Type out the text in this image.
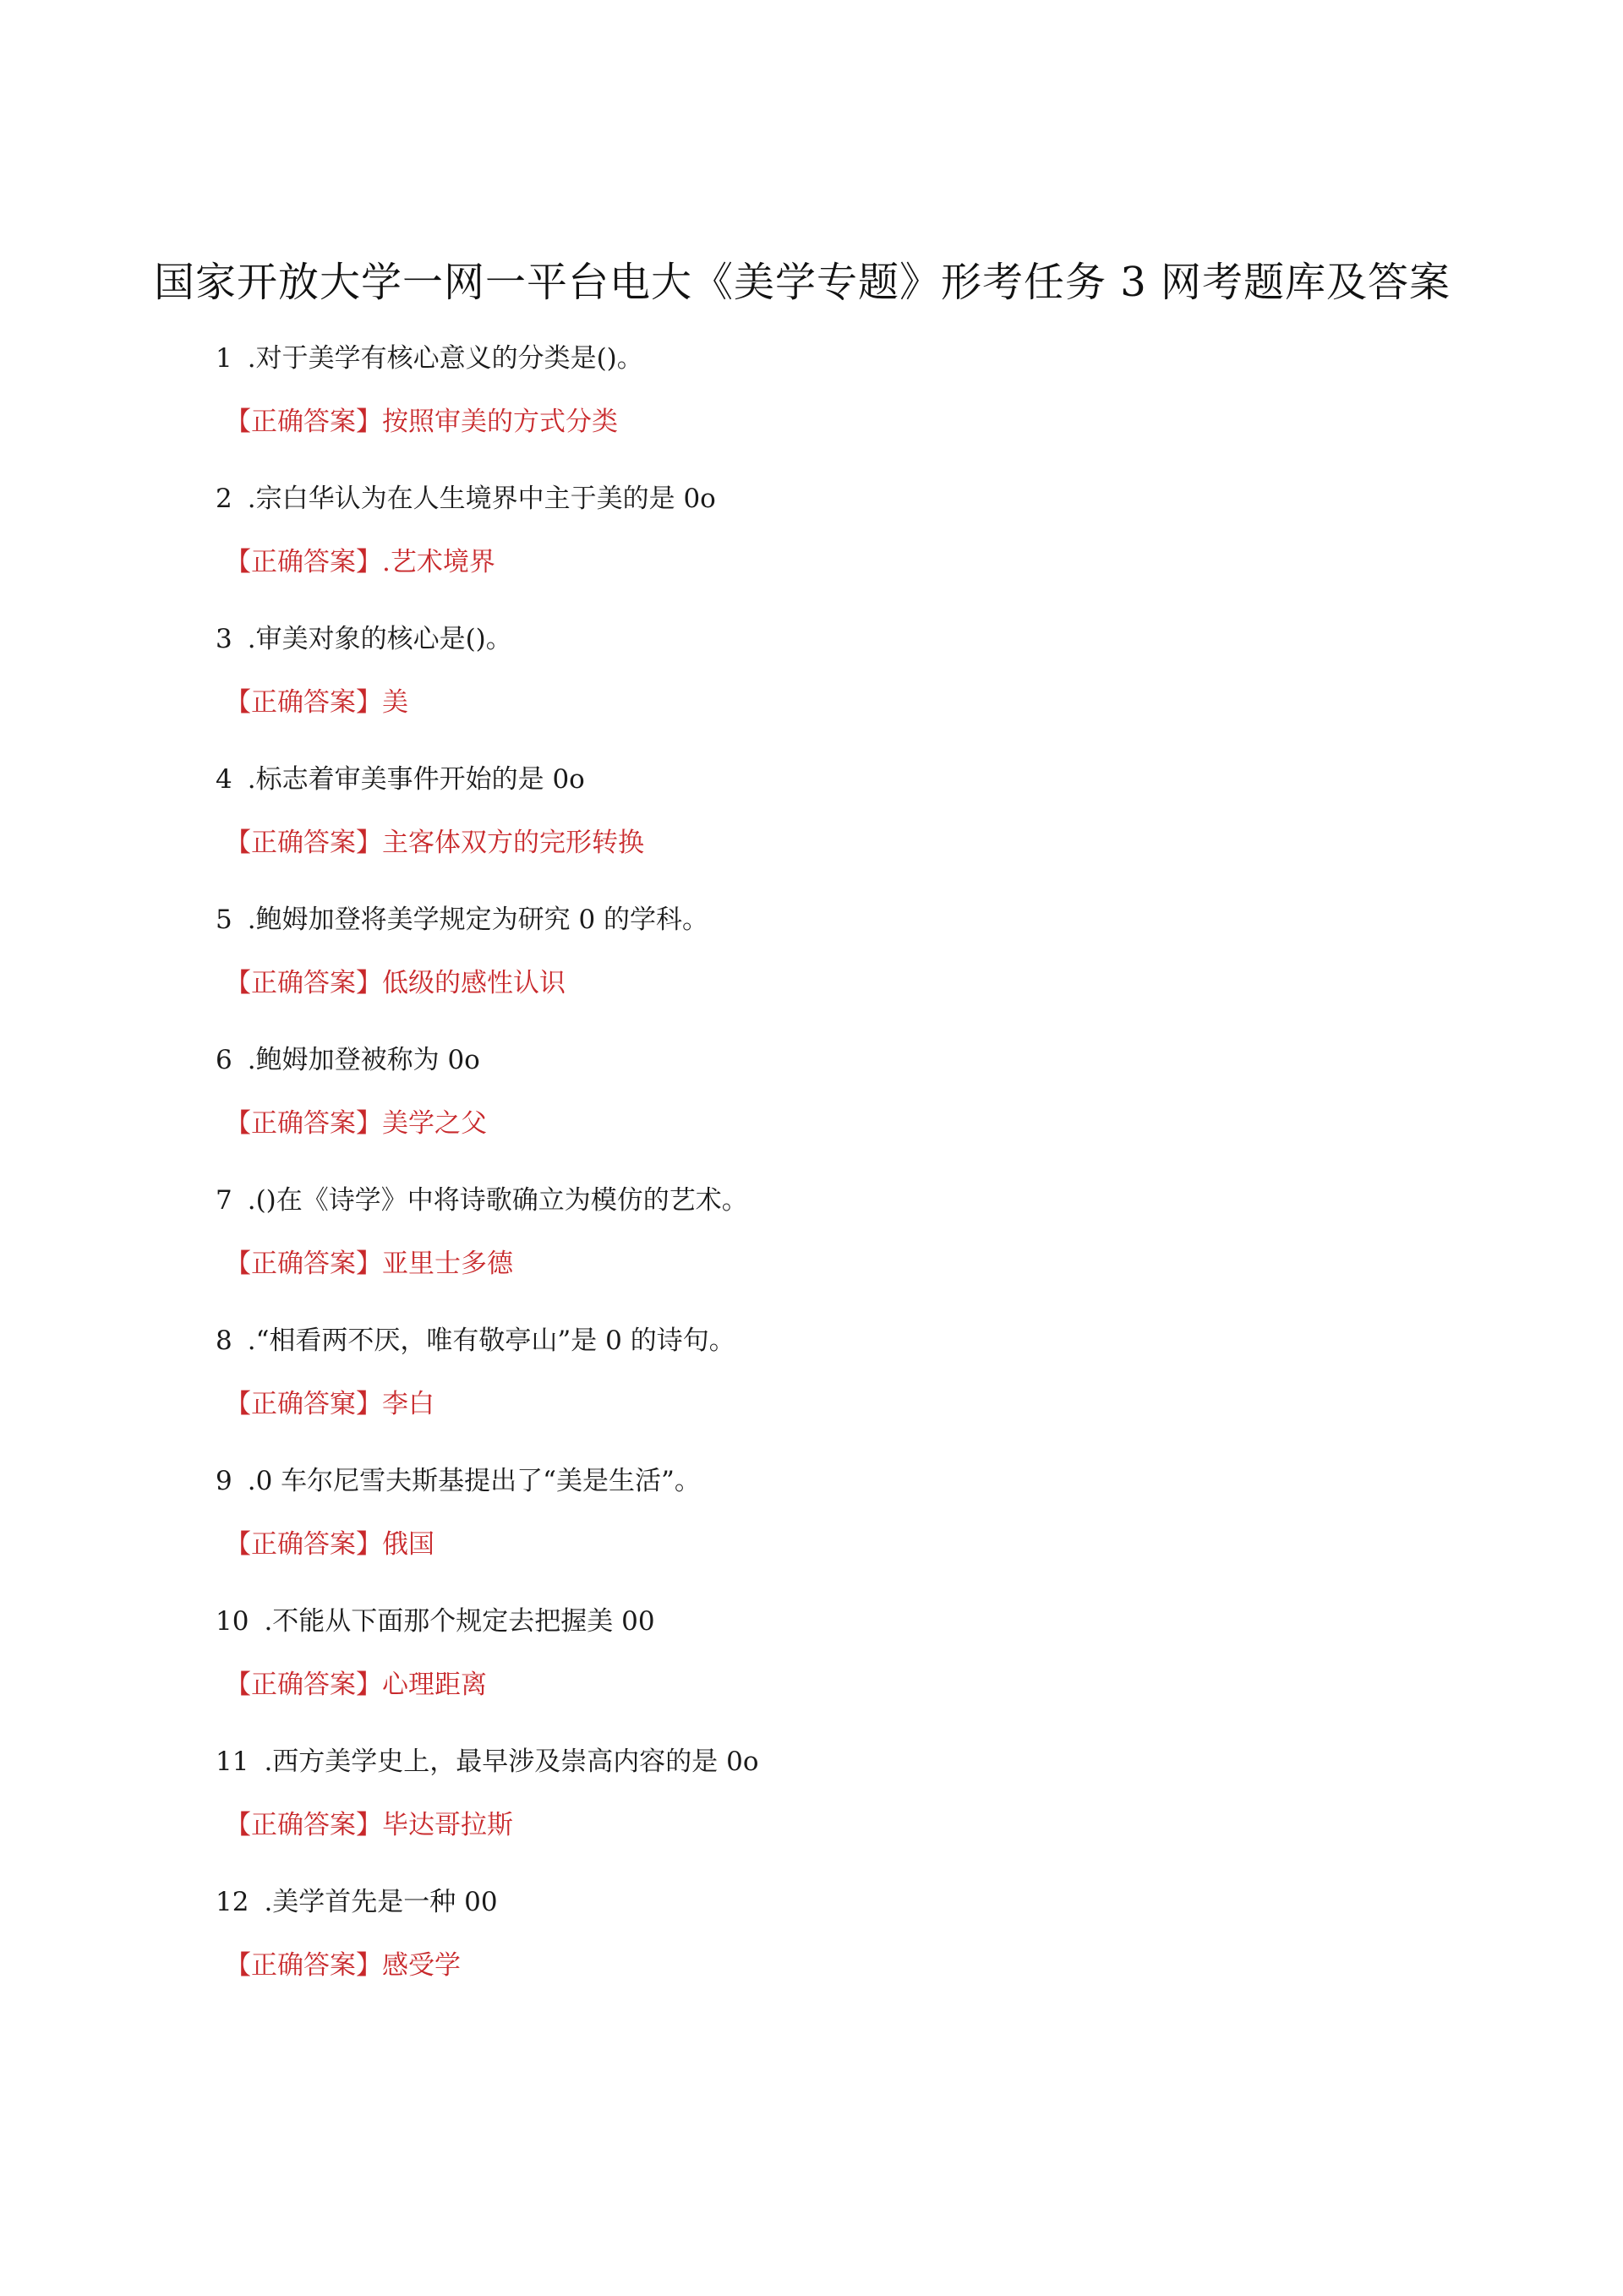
国家开放大学一网一平台电大《美学专题》形考任务 3 网考题库及答案
1 .对于美学有核心意义的分类是()。
【正确答案】按照审美的方式分类
2 .宗白华认为在人生境界中主于美的是 0o
【正确答案】.艺术境界
3 .审美对象的核心是()。
【正确答案】美
4 .标志着审美事件开始的是 0o
【正确答案】主客体双方的完形转换
5 .鲍姆加登将美学规定为研究 0 的学科。
【正确答案】低级的感性认识
6 .鲍姆加登被称为 0o
【正确答案】美学之父
7 .()在《诗学》中将诗歌确立为模仿的艺术。
【正确答案】亚里士多德
8 .“相看两不厌，唯有敬亭山”是 0 的诗句。
【正确答窠】李白
9 .0 车尔尼雪夫斯基提出了“美是生活”。
【正确答案】俄国
10 .不能从下面那个规定去把握美 00
【正确答案】心理距离
11 .西方美学史上，最早涉及崇高内容的是 0o
【正确答案】毕达哥拉斯
12 .美学首先是一种 00
【正确答案】感受学
